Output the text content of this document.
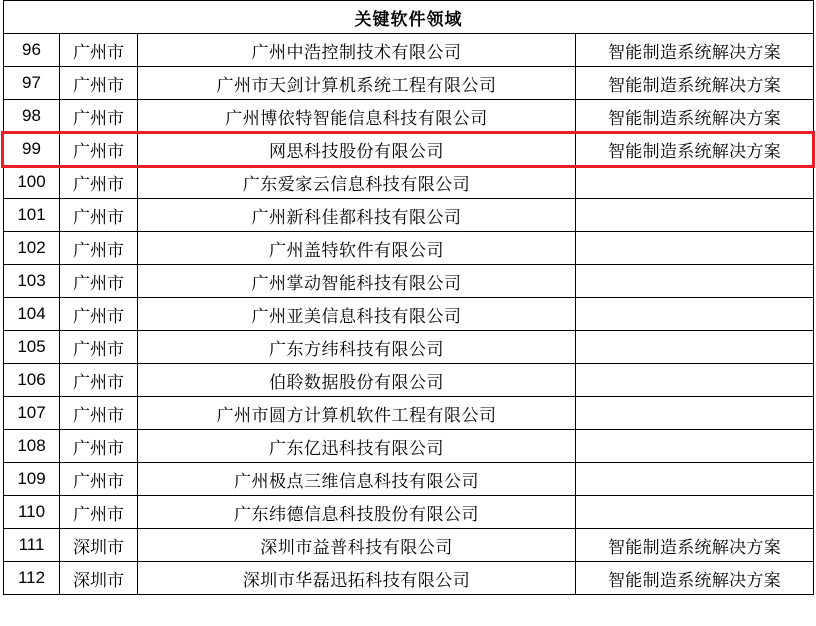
关键软件领域			
96	广州市	广州中浩控制技术有限公司	智能制造系统解决方案
97	广州市	广州市天剑计算机系统工程有限公司	智能制造系统解决方案
98	广州市	广州博依特智能信息科技有限公司	智能制造系统解决方案
99	广州市	网思科技股份有限公司	智能制造系统解决方案
100	广州市	广东爱家云信息科技有限公司	
101	广州市	广州新科佳都科技有限公司	
102	广州市	广州盖特软件有限公司	
103	广州市	广州掌动智能科技有限公司	
104	广州市	广州亚美信息科技有限公司	
105	广州市	广东方纬科技有限公司	
106	广州市	伯聆数据股份有限公司	
107	广州市	广州市圆方计算机软件工程有限公司	
108	广州市	广东亿迅科技有限公司	
109	广州市	广州极点三维信息科技有限公司	
110	广州市	广东纬德信息科技股份有限公司	
111	深圳市	深圳市益普科技有限公司	智能制造系统解决方案
112	深圳市	深圳市华磊迅拓科技有限公司	智能制造系统解决方案
